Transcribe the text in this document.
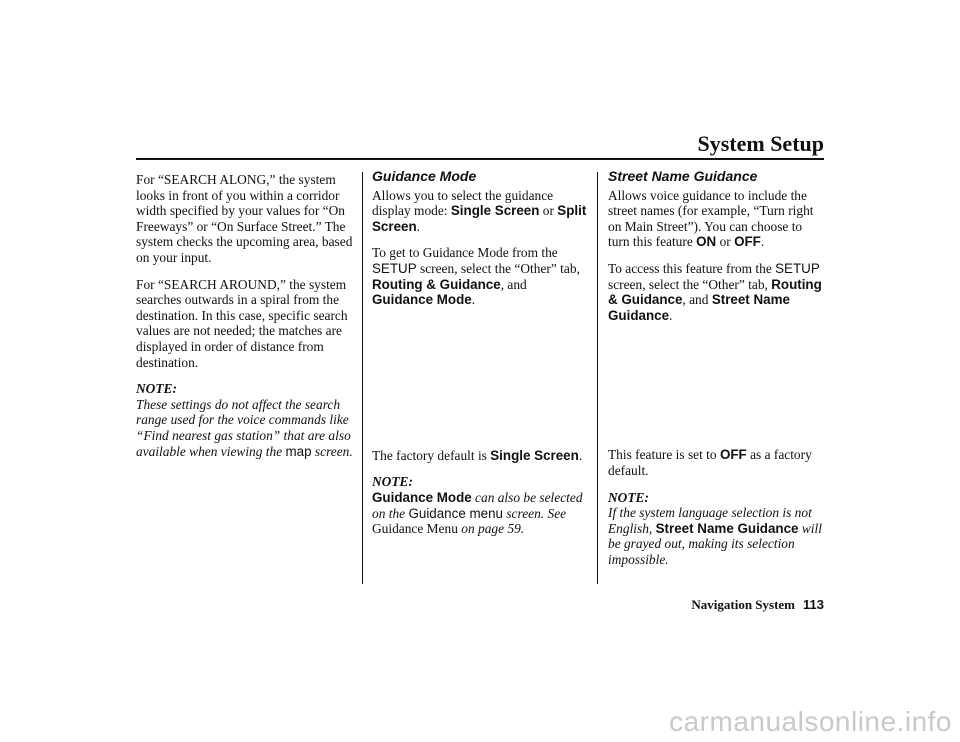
System Setup

For “SEARCH ALONG,” the system looks in front of you within a corridor width specified by your values for “On Freeways” or “On Surface Street.” The system checks the upcoming area, based on your input.

For “SEARCH AROUND,” the system searches outwards in a spiral from the destination. In this case, specific search values are not needed; the matches are displayed in order of distance from destination.

NOTE:

These settings do not affect the search range used for the voice commands like “Find nearest gas station” that are also available when viewing the map screen.

Guidance Mode

Allows you to select the guidance display mode: Single Screen or Split Screen.

To get to Guidance Mode from the SETUP screen, select the “Other” tab, Routing & Guidance, and Guidance Mode.

The factory default is Single Screen.

NOTE:

Guidance Mode can also be selected on the Guidance menu screen. See
Guidance Menu on page 59.

Street Name Guidance

Allows voice guidance to include the street names (for example, “Turn right on Main Street”). You can choose to turn this feature ON or OFF.

To access this feature from the SETUP screen, select the “Other” tab, Routing & Guidance, and Street Name Guidance.

This feature is set to OFF as a factory default.

NOTE:

If the system language selection is not English, Street Name Guidance will be grayed out, making its selection impossible.

Navigation System 113
carmanualsonline.info
